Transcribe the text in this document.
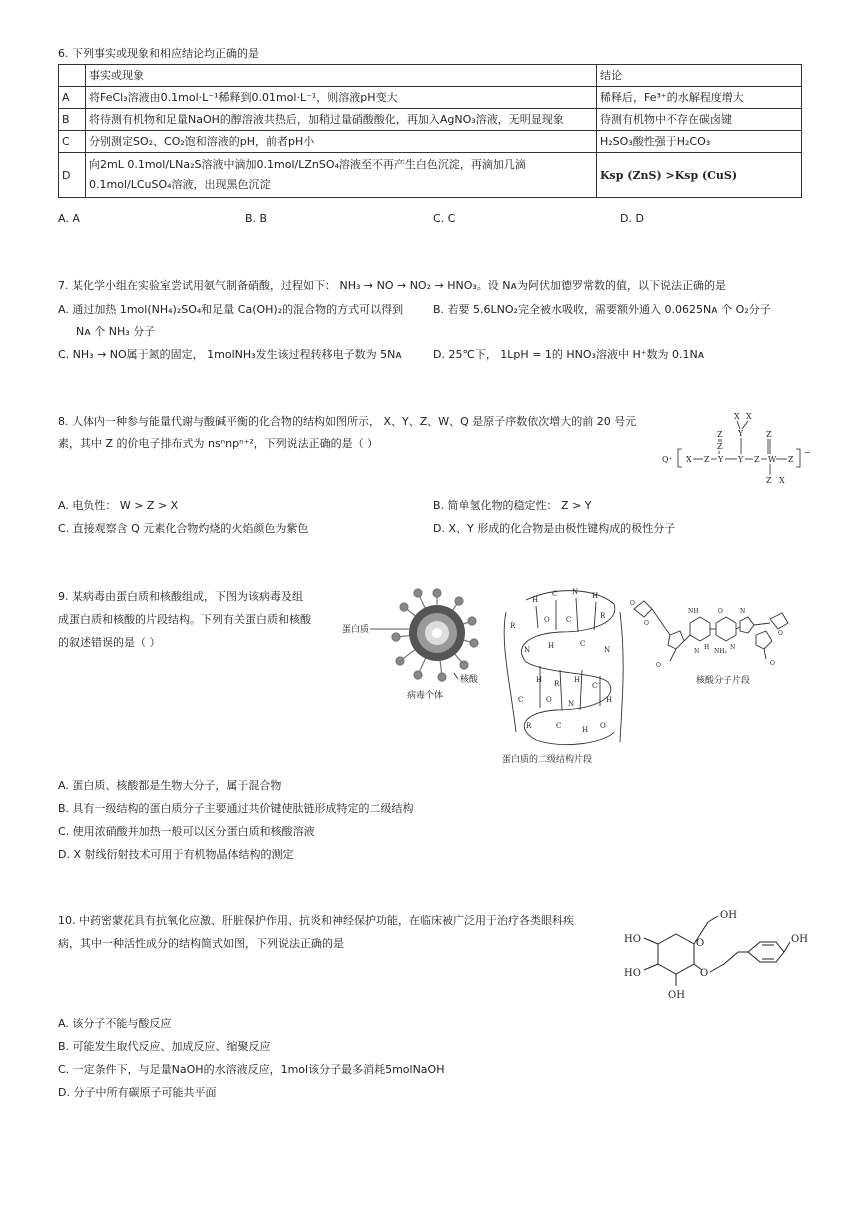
6. 下列事实或现象和相应结论均正确的是
	事实或现象	结论
A	将FeCl₃溶液由0.1mol·L⁻¹稀释到0.01mol·L⁻¹，则溶液pH变大	稀释后，Fe³⁺的水解程度增大
B	将待测有机物和足量NaOH的醇溶液共热后，加稍过量硝酸酸化，再加入AgNO₃溶液，无明显现象	待测有机物中不存在碳卤键
C	分别测定SO₂、CO₂饱和溶液的pH，前者pH小	H₂SO₃酸性强于H₂CO₃
D	向2mL 0.1mol/LNa₂S溶液中滴加0.1mol/LZnSO₄溶液至不再产生白色沉淀，再滴加几滴
0.1mol/LCuSO₄溶液，出现黑色沉淀	Ksp (ZnS) >Ksp (CuS)
A. A	B. B	C. C	D. D
7. 某化学小组在实验室尝试用氨气制备硝酸，过程如下： NH₃ → NO → NO₂ → HNO₃。设 Nᴀ为阿伏加德罗常数的值，以下说法正确的是
A. 通过加热 1mol(NH₄)₂SO₄和足量 Ca(OH)₂的混合物的方式可以得到
Nᴀ 个 NH₃ 分子
B. 若要 5.6LNO₂完全被水吸收，需要额外通入 0.0625Nᴀ 个 O₂分子
C. NH₃ → NO属于氮的固定， 1molNH₃发生该过程转移电子数为 5Nᴀ	D. 25℃下， 1LpH = 1的 HNO₃溶液中 H⁺数为 0.1Nᴀ
8. 人体内一种参与能量代谢与酸碱平衡的化合物的结构如图所示， X、Y、Z、W、Q 是原子序数依次增大的前 20 号元
素，其中 Z 的价电子排布式为 nsⁿnpⁿ⁺²，下列说法正确的是（ ）
X X
Y
Z	Z
Z
Q⁺ X Z Y Y Z W Z
Z X
−
A. 电负性： W > Z > X	B. 简单氢化物的稳定性： Z > Y
C. 直接观察含 Q 元素化合物灼烧的火焰颜色为紫色	D. X、Y 形成的化合物是由极性键构成的极性分子
9. 某病毒由蛋白质和核酸组成，下图为该病毒及组
成蛋白质和核酸的片段结构。下列有关蛋白质和核酸
的叙述错误的是（ ）
蛋白质
核酸
病毒个体
H
C N H
R
O C	R
N	H	C
N
H R H
C
C	O N	H
R	C	H O
蛋白质的二级结构片段
O
O
NH	O	N
N
H	N
O
O	O
NH₂
核酸分子片段
A. 蛋白质、核酸都是生物大分子，属于混合物
B. 具有一级结构的蛋白质分子主要通过共价键使肽链形成特定的二级结构
C. 使用浓硝酸并加热一般可以区分蛋白质和核酸溶液
D. X 射线衍射技术可用于有机物晶体结构的测定
10. 中药密蒙花具有抗氧化应激、肝脏保护作用、抗炎和神经保护功能，在临床被广泛用于治疗各类眼科疾
病，其中一种活性成分的结构简式如图，下列说法正确的是
OH
HO	OH
HO
OH
O
O
A. 该分子不能与酸反应
B. 可能发生取代反应、加成反应、缩聚反应
C. 一定条件下，与足量NaOH的水溶液反应，1mol该分子最多消耗5molNaOH
D. 分子中所有碳原子可能共平面
